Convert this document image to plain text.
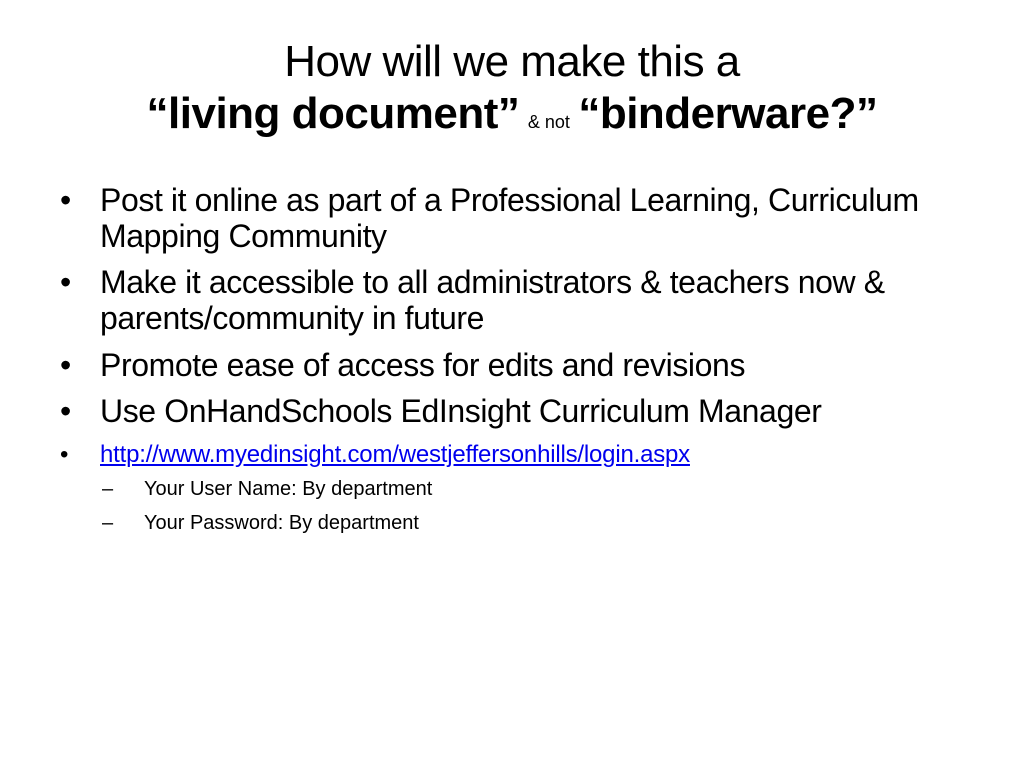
How will we make this a
“living document” & not “binderware?”
• Post it online as part of a Professional Learning, Curriculum Mapping Community
• Make it accessible to all administrators & teachers now & parents/community in future
• Promote ease of access for edits and revisions
• Use OnHandSchools EdInsight Curriculum Manager
• http://www.myedinsight.com/westjeffersonhills/login.aspx
– Your User Name: By department
– Your Password: By department
